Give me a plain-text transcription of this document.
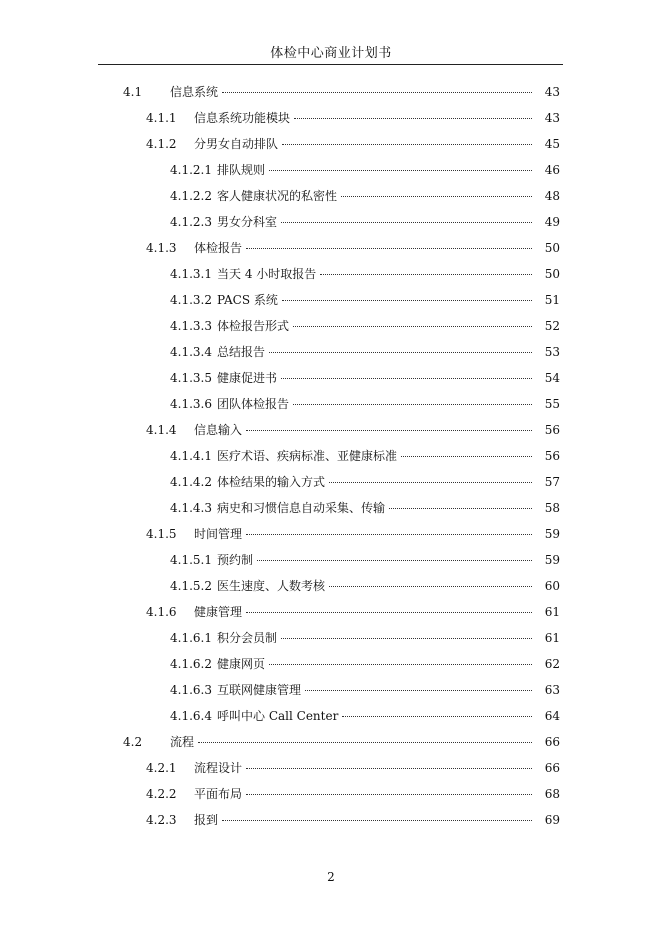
体检中心商业计划书
4.1 信息系统	43
4.1.1 信息系统功能模块	43
4.1.2 分男女自动排队	45
4.1.2.1 排队规则	46
4.1.2.2 客人健康状况的私密性	48
4.1.2.3 男女分科室	49
4.1.3 体检报告	50
4.1.3.1 当天 4 小时取报告	50
4.1.3.2 PACS 系统	51
4.1.3.3 体检报告形式	52
4.1.3.4 总结报告	53
4.1.3.5 健康促进书	54
4.1.3.6 团队体检报告	55
4.1.4 信息输入	56
4.1.4.1 医疗术语、疾病标准、亚健康标准	56
4.1.4.2 体检结果的输入方式	57
4.1.4.3 病史和习惯信息自动采集、传输	58
4.1.5 时间管理	59
4.1.5.1 预约制	59
4.1.5.2 医生速度、人数考核	60
4.1.6 健康管理	61
4.1.6.1 积分会员制	61
4.1.6.2 健康网页	62
4.1.6.3 互联网健康管理	63
4.1.6.4 呼叫中心 Call Center	64
4.2 流程	66
4.2.1 流程设计	66
4.2.2 平面布局	68
4.2.3 报到	69
2
